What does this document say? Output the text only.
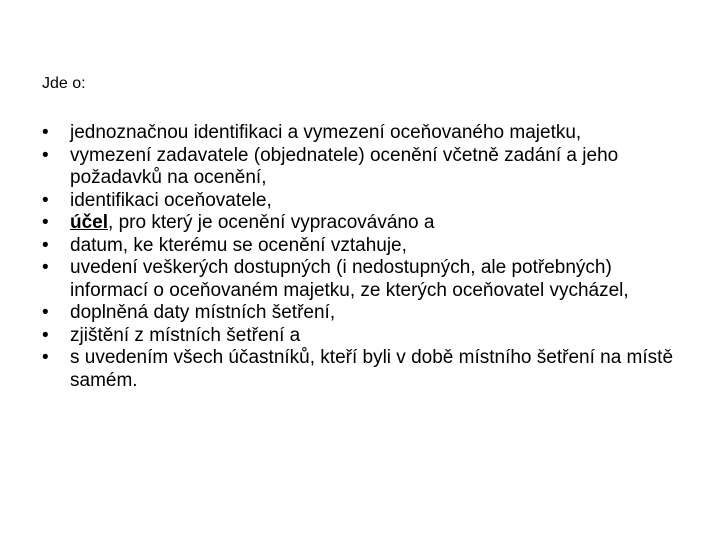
Jde o:

•	jednoznačnou identifikaci a vymezení oceňovaného majetku,
•	vymezení zadavatele (objednatele) ocenění včetně zadání a jeho požadavků na ocenění,
•	identifikaci oceňovatele,
•	účel, pro který je ocenění vypracováváno a
•	datum, ke kterému se ocenění vztahuje,
•	uvedení veškerých dostupných (i nedostupných, ale potřebných) informací o oceňovaném majetku, ze kterých oceňovatel vycházel,
•	doplněná daty místních šetření,
•	zjištění z místních šetření a
•	s uvedením všech účastníků, kteří byli v době místního šetření na místě samém.
